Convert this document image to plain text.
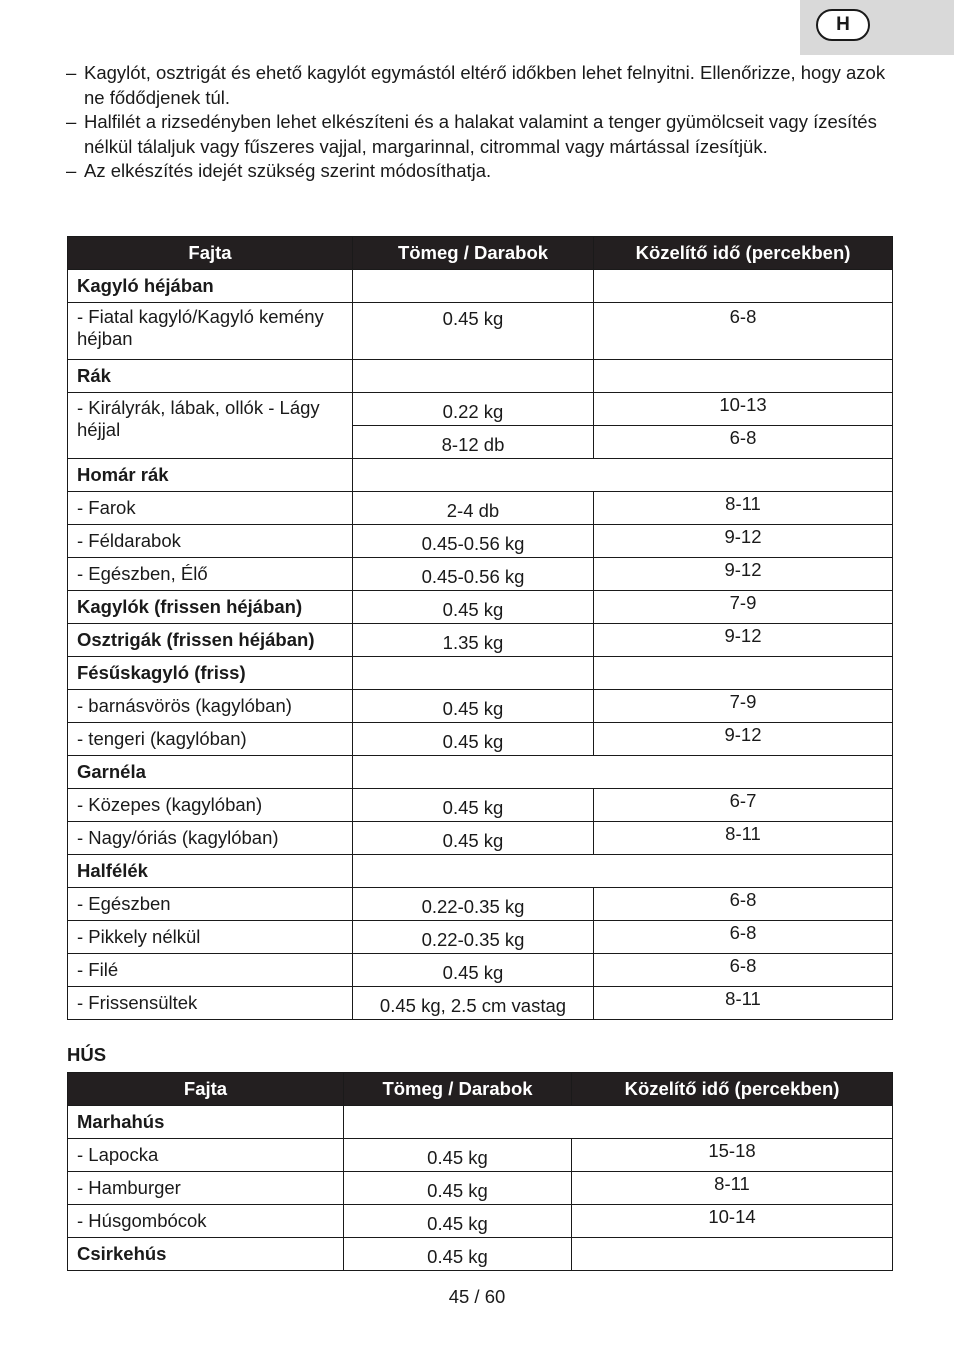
H
– Kagylót, osztrigát és ehető kagylót egymástól eltérő időkben lehet felnyitni. Ellenőrizze, hogy azok ne fődődjenek túl.
– Halfilét a rizsedényben lehet elkészíteni és a halakat valamint a tenger gyümölcseit vagy ízesítés nélkül tálaljuk vagy fűszeres vajjal, margarinnal, citrommal vagy mártással ízesítjük.
– Az elkészítés idejét szükség szerint módosíthatja.
Fajta	Tömeg / Darabok	Közelítő idő (percekben)
Kagyló héjában		
- Fiatal kagyló/Kagyló kemény héjban	0.45 kg	6-8
Rák		
- Királyrák, lábak, ollók - Lágy héjjal	0.22 kg	10-13
	8-12 db	6-8
Homár rák		
- Farok	2-4 db	8-11
- Féldarabok	0.45-0.56 kg	9-12
- Egészben, Élő	0.45-0.56 kg	9-12
Kagylók (frissen héjában)	0.45 kg	7-9
Osztrigák (frissen héjában)	1.35 kg	9-12
Fésűskagyló (friss)		
- barnásvörös (kagylóban)	0.45 kg	7-9
- tengeri (kagylóban)	0.45 kg	9-12
Garnéla		
- Közepes (kagylóban)	0.45 kg	6-7
- Nagy/óriás (kagylóban)	0.45 kg	8-11
Halfélék		
- Egészben	0.22-0.35 kg	6-8
- Pikkely nélkül	0.22-0.35 kg	6-8
- Filé	0.45 kg	6-8
- Frissensültek	0.45 kg, 2.5 cm vastag	8-11
HÚS
Fajta	Tömeg / Darabok	Közelítő idő (percekben)
Marhahús		
- Lapocka	0.45 kg	15-18
- Hamburger	0.45 kg	8-11
- Húsgombócok	0.45 kg	10-14
Csirkehús	0.45 kg	
45 / 60
